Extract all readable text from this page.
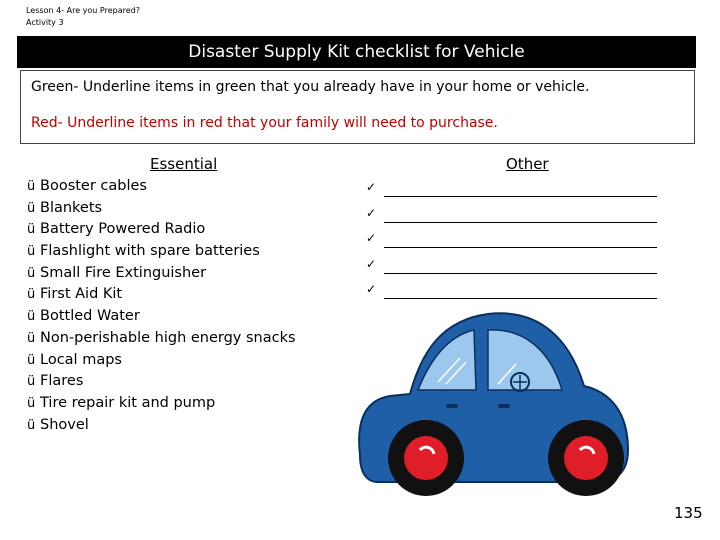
Lesson 4- Are you Prepared?
Activity 3
Disaster Supply Kit checklist for Vehicle
Green- Underline items in green that you already have in your home or vehicle.
Red- Underline items in red that your family will need to purchase.
Essential	Other
ü Booster cables
ü Blankets
ü Battery Powered Radio
ü Flashlight with spare batteries
ü Small Fire Extinguisher
ü First Aid Kit
ü Bottled Water
ü Non-perishable high energy snacks
ü Local maps
ü Flares
ü Tire repair kit and pump
ü Shovel
✓
✓
✓
✓
✓
135
